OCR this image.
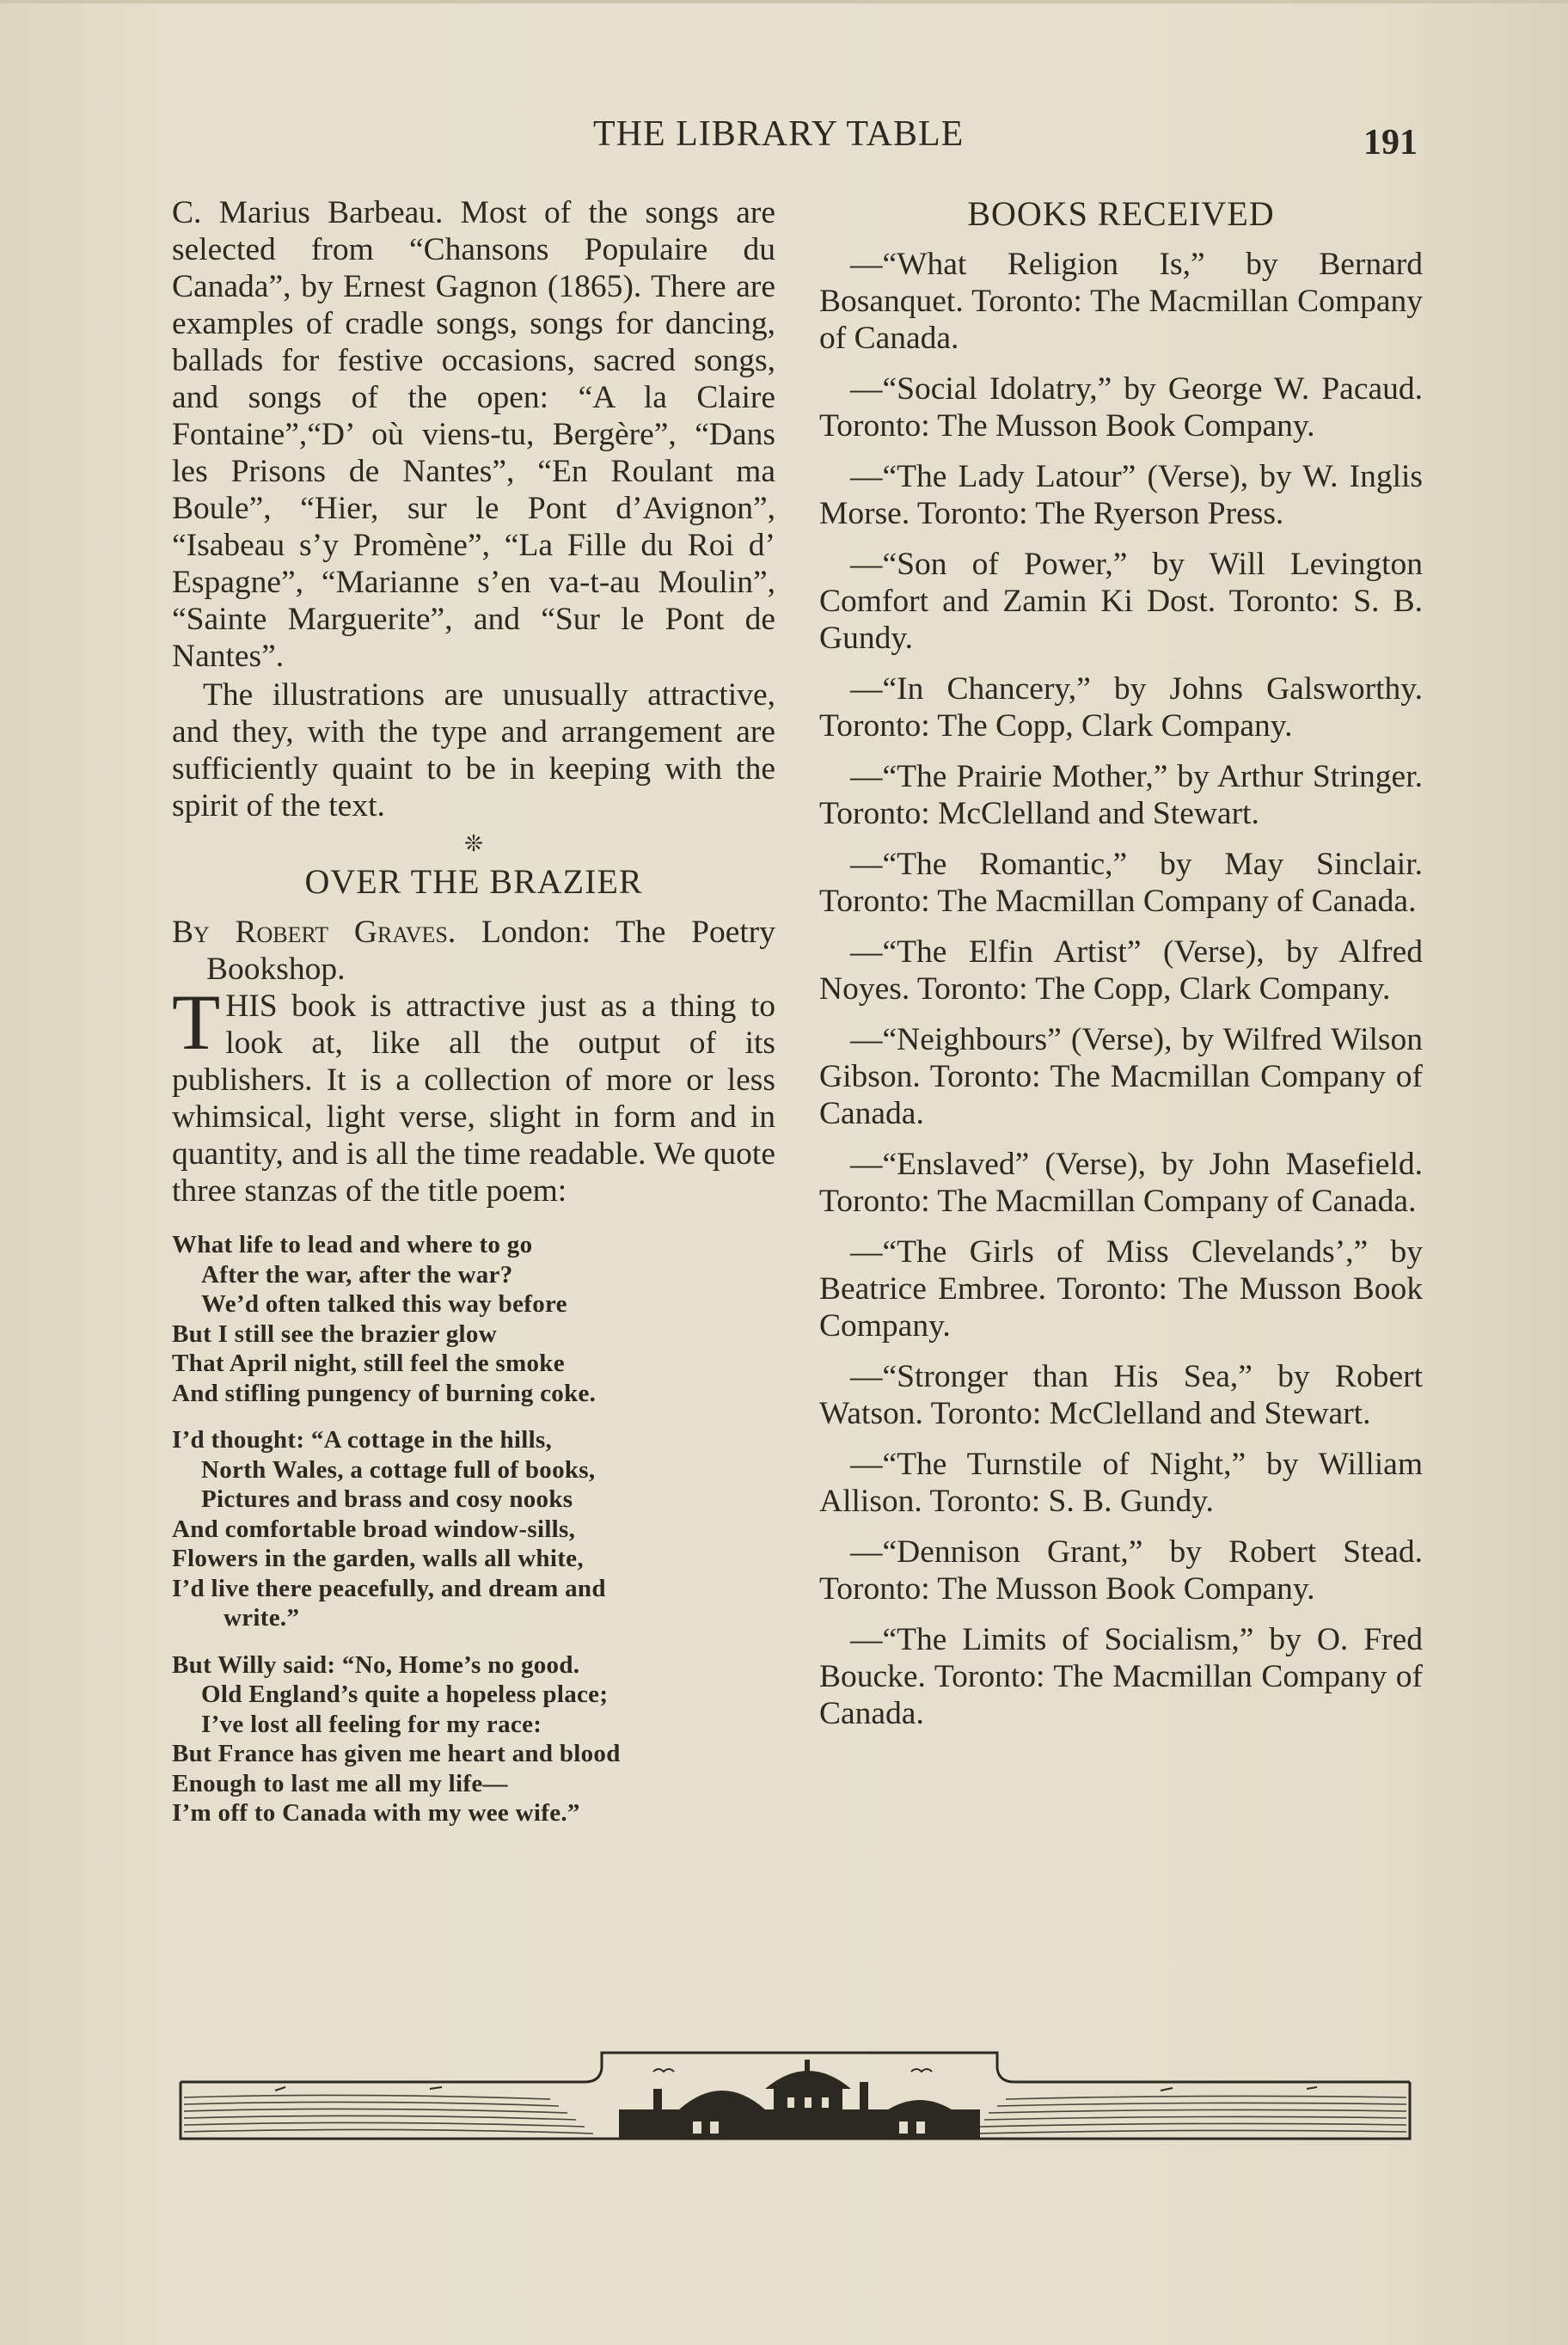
THE LIBRARY TABLE	191

C. Marius Barbeau. Most of the songs are selected from “Chansons Populaire du Canada”, by Ernest Gagnon (1865). There are examples of cradle songs, songs for dancing, ballads for festive occasions, sacred songs, and songs of the open: “A la Claire Fontaine”,“D’ où viens-tu, Bergère”, “Dans les Prisons de Nantes”, “En Roulant ma Boule”, “Hier, sur le Pont d’Avignon”, “Isabeau s’y Promène”, “La Fille du Roi d’ Espagne”, “Marianne s’en va-t-au Moulin”, “Sainte Marguerite”, and “Sur le Pont de Nantes”.

The illustrations are unusually attractive, and they, with the type and arrangement are sufficiently quaint to be in keeping with the spirit of the text.

❊
OVER THE BRAZIER

By Robert Graves. London: The Poetry Bookshop.

THIS book is attractive just as a thing to look at, like all the output of its publishers. It is a collection of more or less whimsical, light verse, slight in form and in quantity, and is all the time readable. We quote three stanzas of the title poem:

What life to lead and where to go
After the war, after the war?
We’d often talked this way before
But I still see the brazier glow
That April night, still feel the smoke
And stifling pungency of burning coke.
I’d thought: “A cottage in the hills,
North Wales, a cottage full of books,
Pictures and brass and cosy nooks
And comfortable broad window-sills,
Flowers in the garden, walls all white,
I’d live there peacefully, and dream and
write.”
But Willy said: “No, Home’s no good.
Old England’s quite a hopeless place;
I’ve lost all feeling for my race:
But France has given me heart and blood
Enough to last me all my life—
I’m off to Canada with my wee wife.”
BOOKS RECEIVED

—“What Religion Is,” by Bernard Bosanquet. Toronto: The Macmillan Company of Canada.

—“Social Idolatry,” by George W. Pacaud. Toronto: The Musson Book Company.

—“The Lady Latour” (Verse), by W. Inglis Morse. Toronto: The Ryerson Press.

—“Son of Power,” by Will Levington Comfort and Zamin Ki Dost. Toronto: S. B. Gundy.

—“In Chancery,” by Johns Galsworthy. Toronto: The Copp, Clark Company.

—“The Prairie Mother,” by Arthur Stringer. Toronto: McClelland and Stewart.

—“The Romantic,” by May Sinclair. Toronto: The Macmillan Company of Canada.

—“The Elfin Artist” (Verse), by Alfred Noyes. Toronto: The Copp, Clark Company.

—“Neighbours” (Verse), by Wilfred Wilson Gibson. Toronto: The Macmillan Company of Canada.

—“Enslaved” (Verse), by John Masefield. Toronto: The Macmillan Company of Canada.

—“The Girls of Miss Clevelands’,” by Beatrice Embree. Toronto: The Musson Book Company.

—“Stronger than His Sea,” by Robert Watson. Toronto: McClelland and Stewart.

—“The Turnstile of Night,” by William Allison. Toronto: S. B. Gundy.

—“Dennison Grant,” by Robert Stead. Toronto: The Musson Book Company.

—“The Limits of Socialism,” by O. Fred Boucke. Toronto: The Macmillan Company of Canada.
